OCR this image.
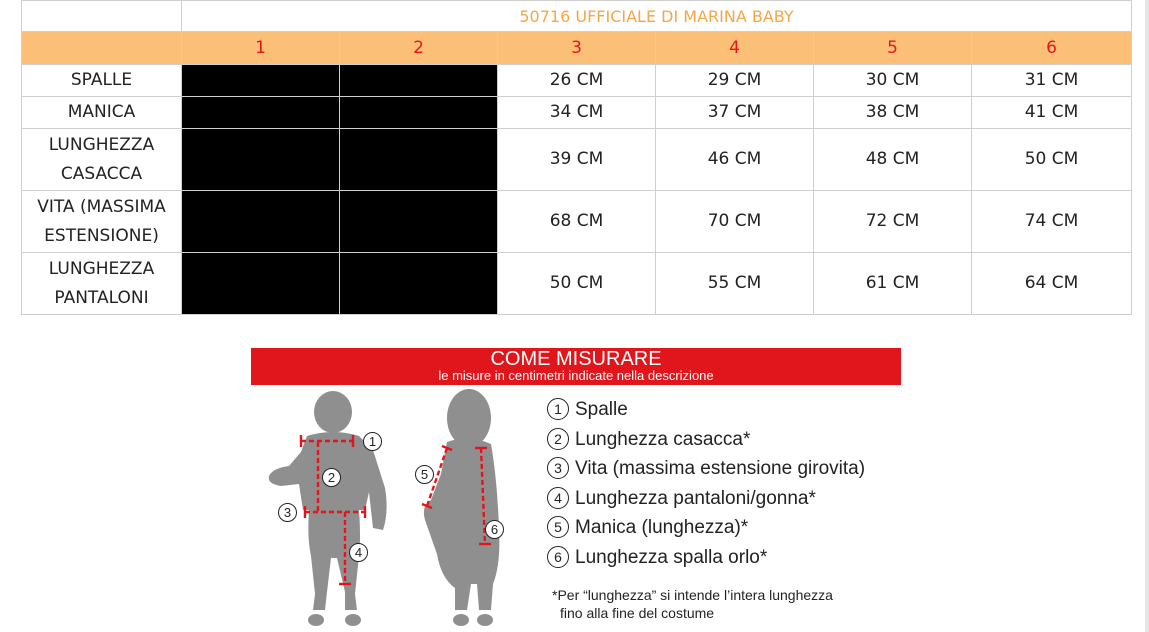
	50716 UFFICIALE DI MARINA BABY					
	1	2	3	4	5	6
SPALLE			26 CM	29 CM	30 CM	31 CM
MANICA			34 CM	37 CM	38 CM	41 CM
LUNGHEZZA
CASACCA			39 CM	46 CM	48 CM	50 CM
VITA (MASSIMA
ESTENSIONE)			68 CM	70 CM	72 CM	74 CM
LUNGHEZZA
PANTALONI			50 CM	55 CM	61 CM	64 CM
COME MISURARE
le misure in centimetri indicate nella descrizione
1
2
3
4
5
6
1 Spalle
2 Lunghezza casacca*
3 Vita (massima estensione girovita)
4 Lunghezza pantaloni/gonna*
5 Manica (lunghezza)*
6 Lunghezza spalla orlo*
*Per “lunghezza” si intende l’intera lunghezza
fino alla fine del costume
